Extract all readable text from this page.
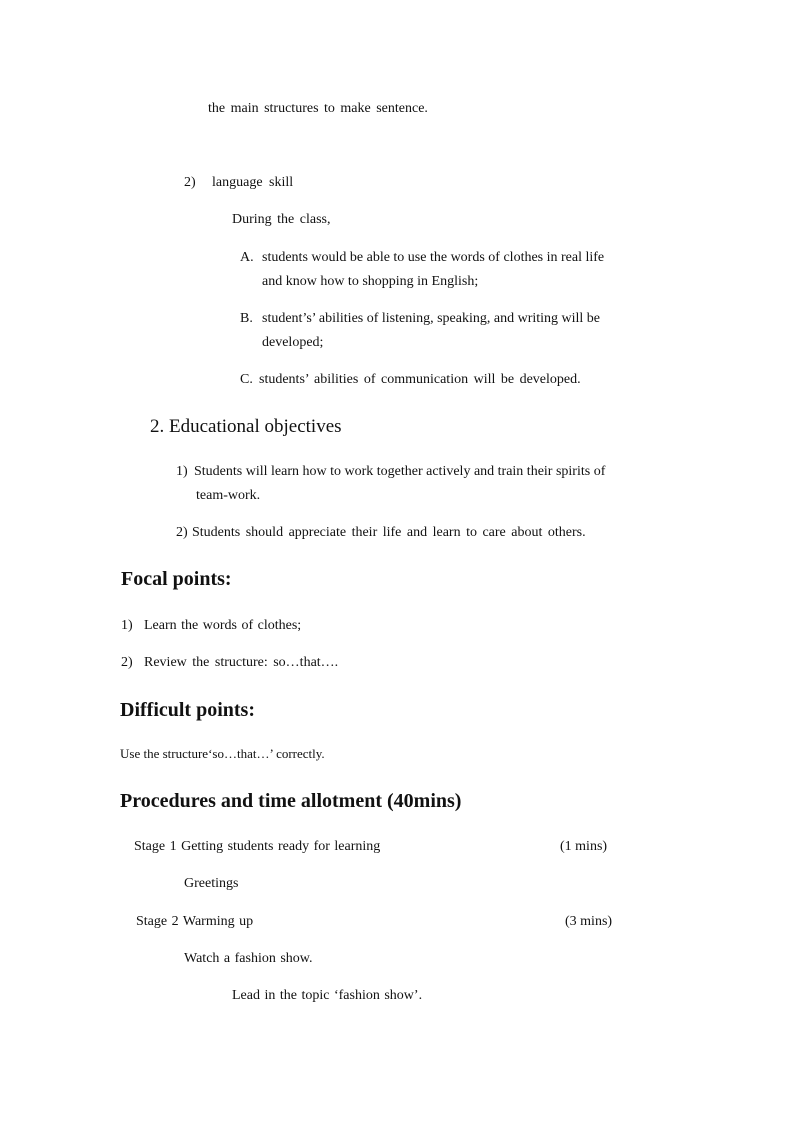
the main structures to make sentence.
2) language skill
During the class,
A. students would be able to use the words of clothes in real life
and know how to shopping in English;
B. student’s’ abilities of listening, speaking, and writing will be
developed;
C. students’ abilities of communication will be developed.
2. Educational objectives
1) Students will learn how to work together actively and train their spirits of
team-work.
2) Students should appreciate their life and learn to care about others.
Focal points:
1) Learn the words of clothes;
2) Review the structure: so…that….
Difficult points:
Use the structure‘so…that…’ correctly.
Procedures and time allotment (40mins)
Stage 1 Getting students ready for learning	(1 mins)
Greetings
Stage 2 Warming up	(3 mins)
Watch a fashion show.
Lead in the topic ‘fashion show’.
